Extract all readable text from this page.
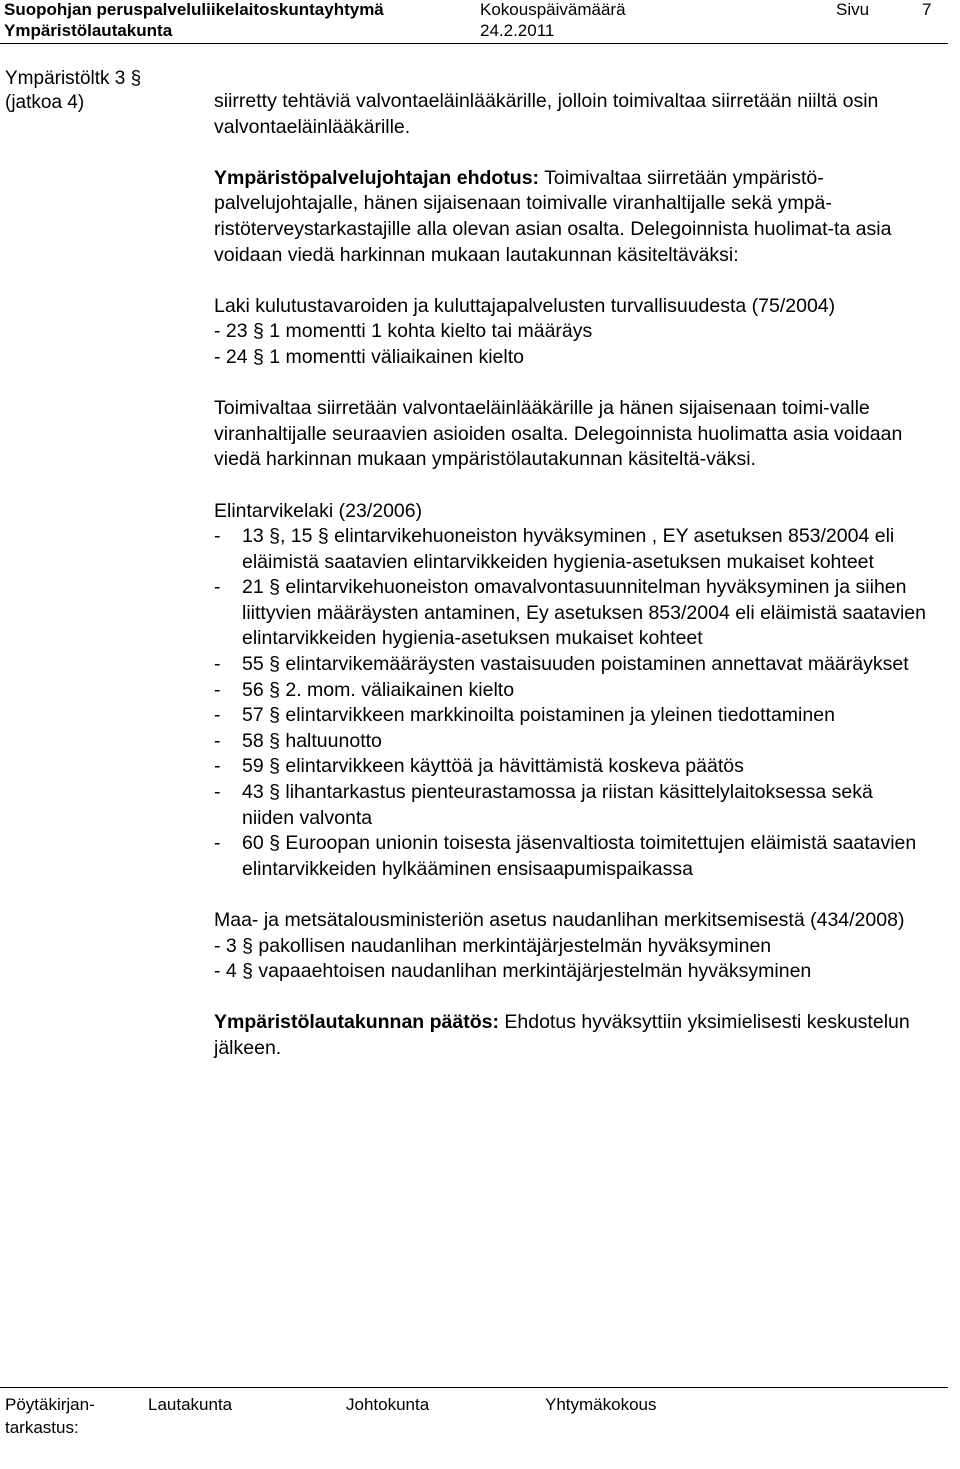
Suopohjan peruspalveluliikelaitoskuntayhtymä	Kokouspäivämäärä	Sivu	7
Ympäristölautakunta	24.2.2011
Ympäristöltk 3 §
(jatkoa 4)	siirretty tehtäviä valvontaeläinlääkärille, jolloin toimivaltaa siirretään niiltä osin valvontaeläinlääkärille.

Ympäristöpalvelujohtajan ehdotus: Toimivaltaa siirretään ympäristö-palvelujohtajalle, hänen sijaisenaan toimivalle viranhaltijalle sekä ympä-ristöterveystarkastajille alla olevan asian osalta. Delegoinnista huolimat-ta asia voidaan viedä harkinnan mukaan lautakunnan käsiteltäväksi:

Laki kulutustavaroiden ja kuluttajapalvelusten turvallisuudesta (75/2004)

- 23 § 1 momentti 1 kohta kielto tai määräys

- 24 § 1 momentti väliaikainen kielto

Toimivaltaa siirretään valvontaeläinlääkärille ja hänen sijaisenaan toimi-valle viranhaltijalle seuraavien asioiden osalta. Delegoinnista huolimatta asia voidaan viedä harkinnan mukaan ympäristölautakunnan käsiteltä-väksi.

Elintarvikelaki (23/2006)

- 13 §, 15 § elintarvikehuoneiston hyväksyminen , EY asetuksen 853/2004 eli eläimistä saatavien elintarvikkeiden hygienia-asetuksen mukaiset kohteet
- 21 § elintarvikehuoneiston omavalvontasuunnitelman hyväksyminen ja siihen liittyvien määräysten antaminen, Ey asetuksen 853/2004 eli eläimistä saatavien elintarvikkeiden hygienia-asetuksen mukaiset kohteet
- 55 § elintarvikemääräysten vastaisuuden poistaminen annettavat määräykset
- 56 § 2. mom. väliaikainen kielto
- 57 § elintarvikkeen markkinoilta poistaminen ja yleinen tiedottaminen
- 58 § haltuunotto
- 59 § elintarvikkeen käyttöä ja hävittämistä koskeva päätös
- 43 § lihantarkastus pienteurastamossa ja riistan käsittelylaitoksessa sekä niiden valvonta
- 60 § Euroopan unionin toisesta jäsenvaltiosta toimitettujen eläimistä saatavien elintarvikkeiden hylkääminen ensisaapumispaikassa

Maa- ja metsätalousministeriön asetus naudanlihan merkitsemisestä (434/2008)

- 3 § pakollisen naudanlihan merkintäjärjestelmän hyväksyminen

- 4 § vapaaehtoisen naudanlihan merkintäjärjestelmän hyväksyminen

Ympäristölautakunnan päätös: Ehdotus hyväksyttiin yksimielisesti keskustelun jälkeen.

Pöytäkirjan-
tarkastus:
Lautakunta	Johtokunta	Yhtymäkokous
